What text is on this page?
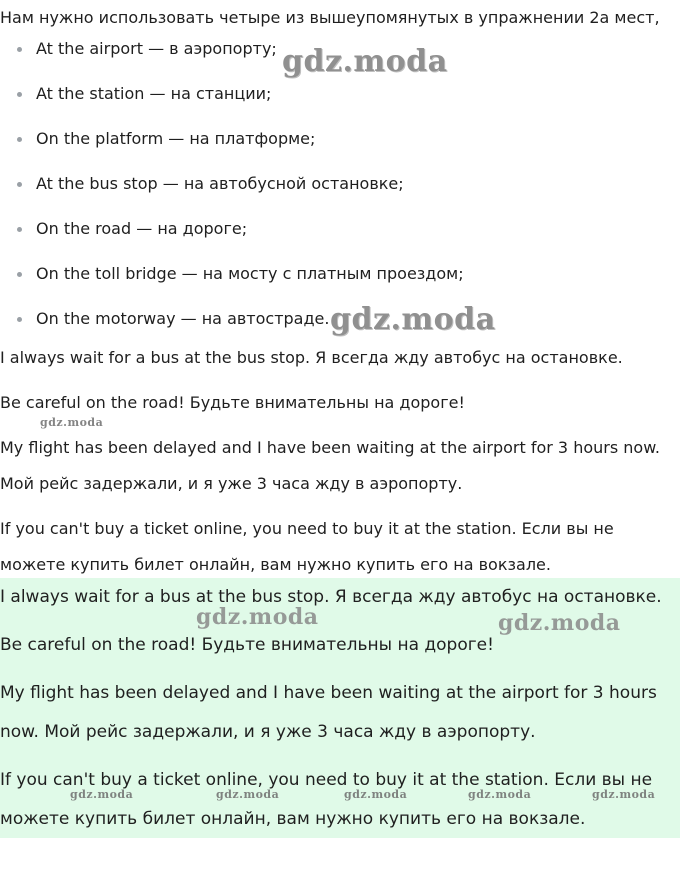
Нам нужно использовать четыре из вышеупомянутых в упражнении 2а мест,
At the airport — в аэропорту;
At the station — на станции;
On the platform — на платформе;
At the bus stop — на автобусной остановке;
On the road — на дороге;
On the toll bridge — на мосту с платным проездом;
On the motorway — на автостраде.

I always wait for a bus at the bus stop. Я всегда жду автобус на остановке.

Be careful on the road! Будьте внимательны на дороге!

My flight has been delayed and I have been waiting at the airport for 3 hours now.

Мой рейс задержали, и я уже 3 часа жду в аэропорту.

If you can't buy a ticket online, you need to buy it at the station. Если вы не можете купить билет онлайн, вам нужно купить его на вокзале.

I always wait for a bus at the bus stop. Я всегда жду автобус на остановке.

Be careful on the road! Будьте внимательны на дороге!

My flight has been delayed and I have been waiting at the airport for 3 hours now. Мой рейс задержали, и я уже 3 часа жду в аэропорту.

If you can't buy a ticket online, you need to buy it at the station. Если вы не можете купить билет онлайн, вам нужно купить его на вокзале.

gdz.moda
gdz.moda
gdz.moda
gdz.moda	gdz.moda
gdz.moda	gdz.moda	gdz.moda	gdz.moda	gdz.moda
